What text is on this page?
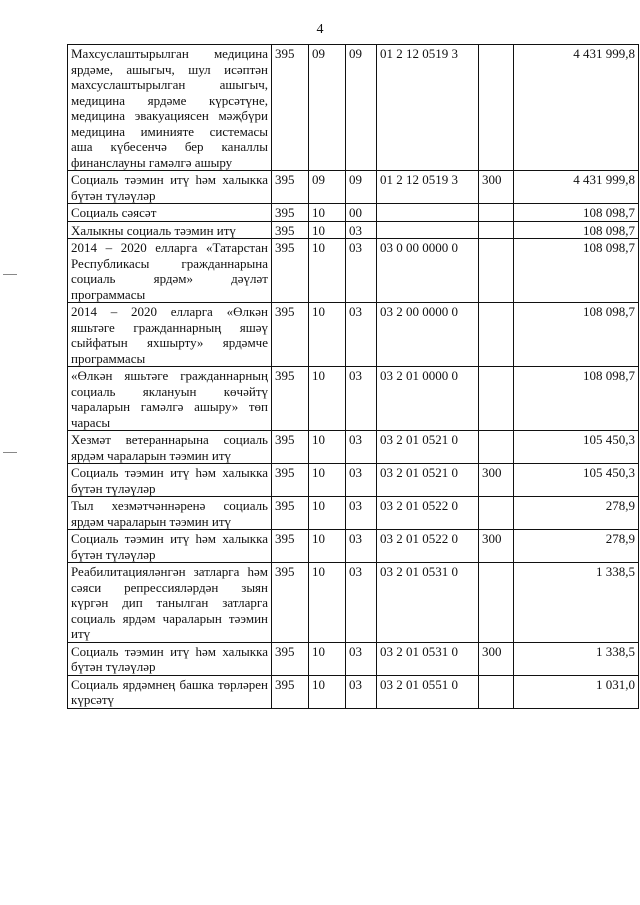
4
Махсуслаштырылган медицина ярдәме, ашыгыч, шул исәптән махсуслаштырылган ашыгыч, медицина ярдәме күрсәтүне, медицина эвакуациясен мәҗбүри медицина иминияте системасы аша күбесенчә бер каналлы финанслауны гамәлгә ашыру	395	09	09	01 2 12 0519 3		4 431 999,8
Социаль тәэмин итү һәм халыкка бүтән түләүләр	395	09	09	01 2 12 0519 3	300	4 431 999,8
Социаль сәясәт	395	10	00			108 098,7
Халыкны социаль тәэмин итү	395	10	03			108 098,7
2014 – 2020 елларга «Татарстан Республикасы гражданнарына социаль ярдәм» дәүләт программасы	395	10	03	03 0 00 0000 0		108 098,7
2014 – 2020 елларга «Өлкән яшьтәге гражданнарның яшәү сыйфатын яхшырту» ярдәмче программасы	395	10	03	03 2 00 0000 0		108 098,7
«Өлкән яшьтәге гражданнарның социаль яклануын көчәйтү чараларын гамәлгә ашыру» төп чарасы	395	10	03	03 2 01 0000 0		108 098,7
Хезмәт ветераннарына социаль ярдәм чараларын тәэмин итү	395	10	03	03 2 01 0521 0		105 450,3
Социаль тәэмин итү һәм халыкка бүтән түләүләр	395	10	03	03 2 01 0521 0	300	105 450,3
Тыл хезмәтчәннәренә социаль ярдәм чараларын тәэмин итү	395	10	03	03 2 01 0522 0		278,9
Социаль тәэмин итү һәм халыкка бүтән түләүләр	395	10	03	03 2 01 0522 0	300	278,9
Реабилитацияләнгән затларга һәм сәяси репрессияләрдән зыян күргән дип танылган затларга социаль ярдәм чараларын тәэмин итү	395	10	03	03 2 01 0531 0		1 338,5
Социаль тәэмин итү һәм халыкка бүтән түләүләр	395	10	03	03 2 01 0531 0	300	1 338,5
Социаль ярдәмнең башка төрләрен күрсәтү	395	10	03	03 2 01 0551 0		1 031,0
